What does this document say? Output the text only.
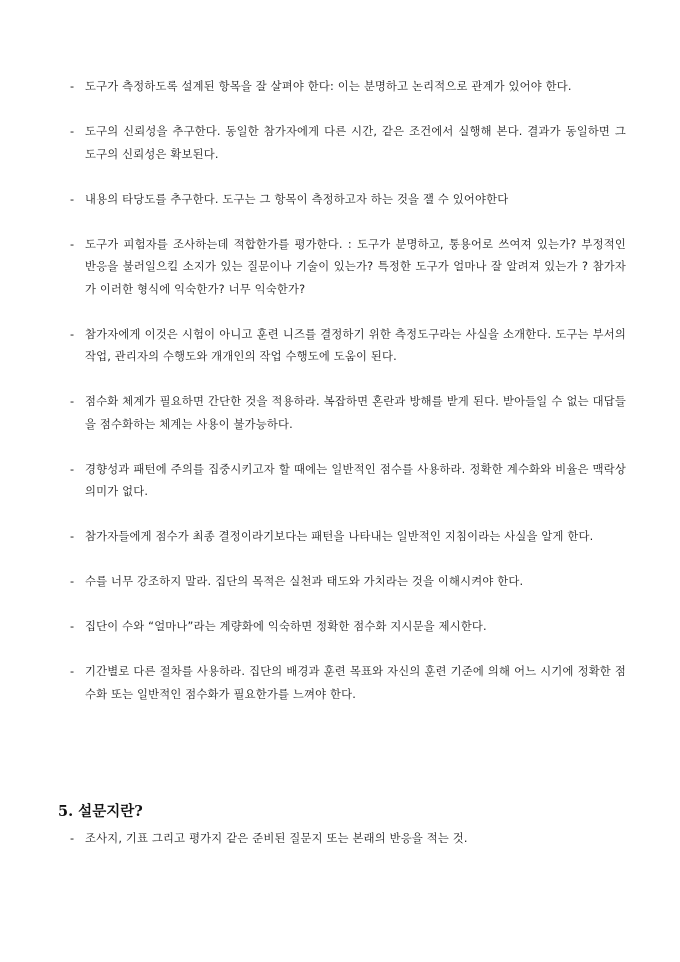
- 도구가 측정하도록 설계된 항목을 잘 살펴야 한다: 이는 분명하고 논리적으로 관계가 있어야 한다.
- 도구의 신뢰성을 추구한다. 동일한 참가자에게 다른 시간, 같은 조건에서 실행해 본다. 결과가 동일하면 그 도구의 신뢰성은 확보된다.
- 내용의 타당도를 추구한다. 도구는 그 항목이 측정하고자 하는 것을 잴 수 있어야한다
- 도구가 피험자를 조사하는데 적합한가를 평가한다. : 도구가 분명하고, 통용어로 쓰여져 있는가? 부정적인 반응을 불러일으킬 소지가 있는 질문이나 기술이 있는가? 특정한 도구가 얼마나 잘 알려져 있는가 ? 참가자가 이러한 형식에 익숙한가? 너무 익숙한가?
- 참가자에게 이것은 시험이 아니고 훈련 니즈를 결정하기 위한 측정도구라는 사실을 소개한다. 도구는 부서의 작업, 관리자의 수행도와 개개인의 작업 수행도에 도움이 된다.
- 점수화 체계가 필요하면 간단한 것을 적용하라. 복잡하면 혼란과 방해를 받게 된다. 받아들일 수 없는 대답들을 점수화하는 체계는 사용이 불가능하다.
- 경향성과 패턴에 주의를 집중시키고자 할 때에는 일반적인 점수를 사용하라. 정확한 계수화와 비율은 맥락상 의미가 없다.
- 참가자들에게 점수가 최종 결정이라기보다는 패턴을 나타내는 일반적인 지침이라는 사실을 알게 한다.
- 수를 너무 강조하지 말라. 집단의 목적은 실천과 태도와 가치라는 것을 이해시켜야 한다.
- 집단이 수와 “얼마나”라는 계량화에 익숙하면 정확한 점수화 지시문을 제시한다.
- 기간별로 다른 절차를 사용하라. 집단의 배경과 훈련 목표와 자신의 훈련 기준에 의해 어느 시기에 정확한 점수화 또는 일반적인 점수화가 필요한가를 느껴야 한다.
5. 설문지란?

- 조사지, 기표 그리고 평가지 같은 준비된 질문지 또는 본래의 반응을 적는 것.
